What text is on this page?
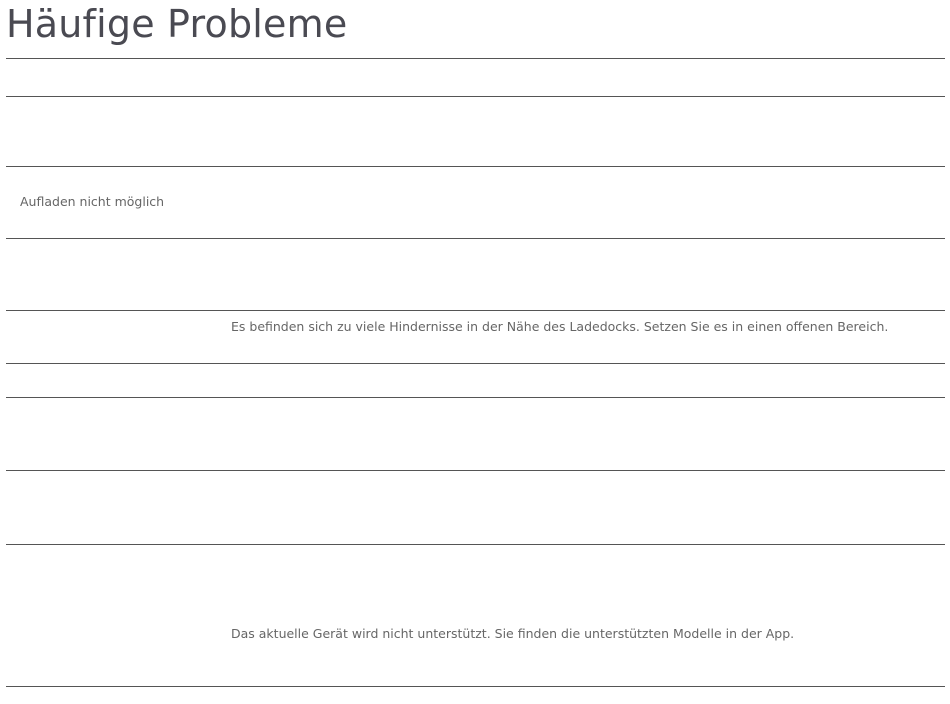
Häufige Probleme
Aufladen nicht möglich
Es befinden sich zu viele Hindernisse in der Nähe des Ladedocks. Setzen Sie es in einen offenen Bereich.
Das aktuelle Gerät wird nicht unterstützt. Sie finden die unterstützten Modelle in der App.
